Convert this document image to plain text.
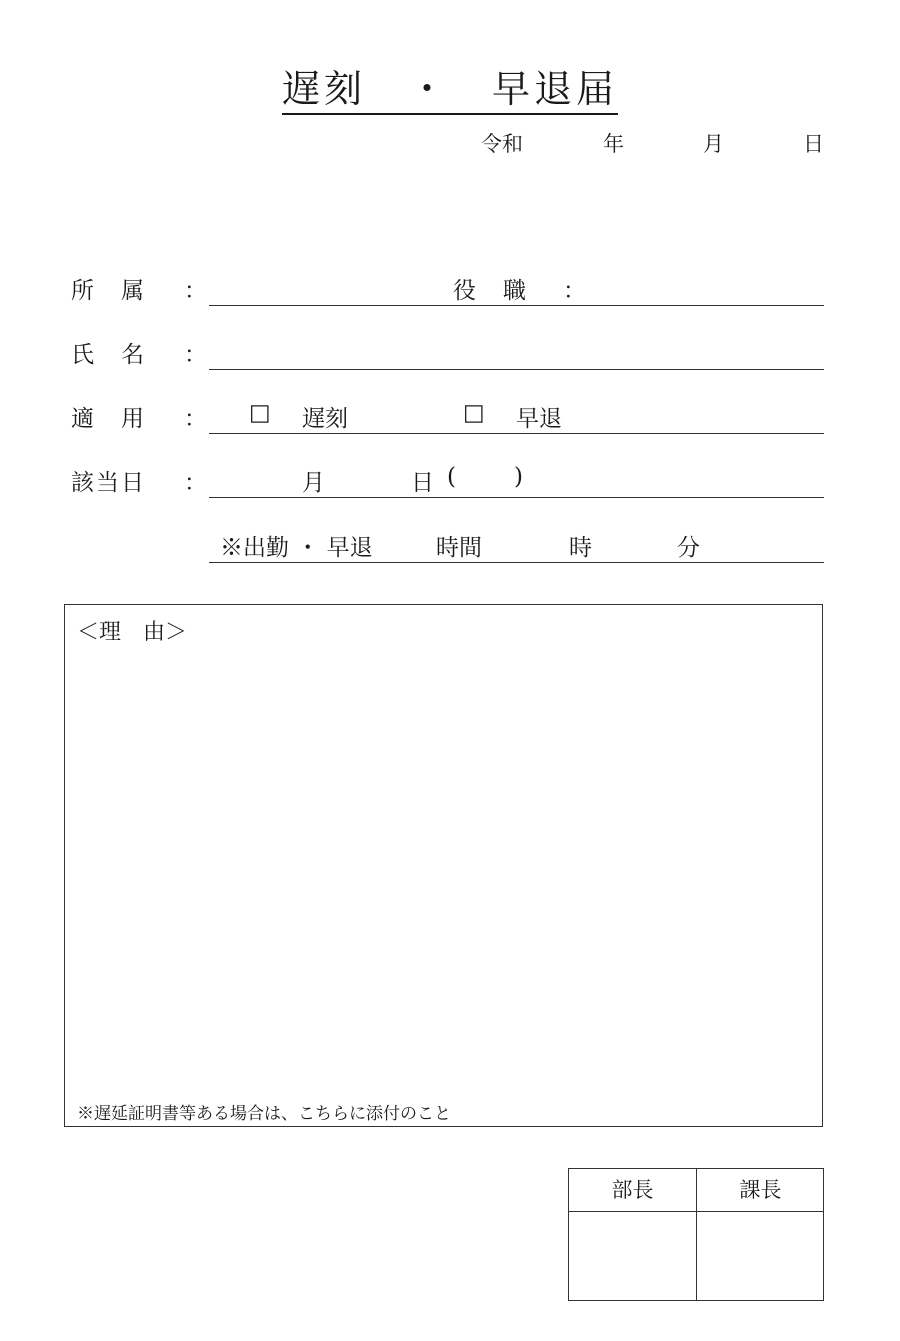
遅刻　・　早退届
令和	年	月	日
所　属 ：	役　職 ：
氏　名 ：
適　用 ： □ 遅刻	□ 早退
該当日 ：	月	日 (	)
※出勤 ・ 早退	時間	時	分
＜理　由＞
※遅延証明書等ある場合は、こちらに添付のこと
部長	課長
